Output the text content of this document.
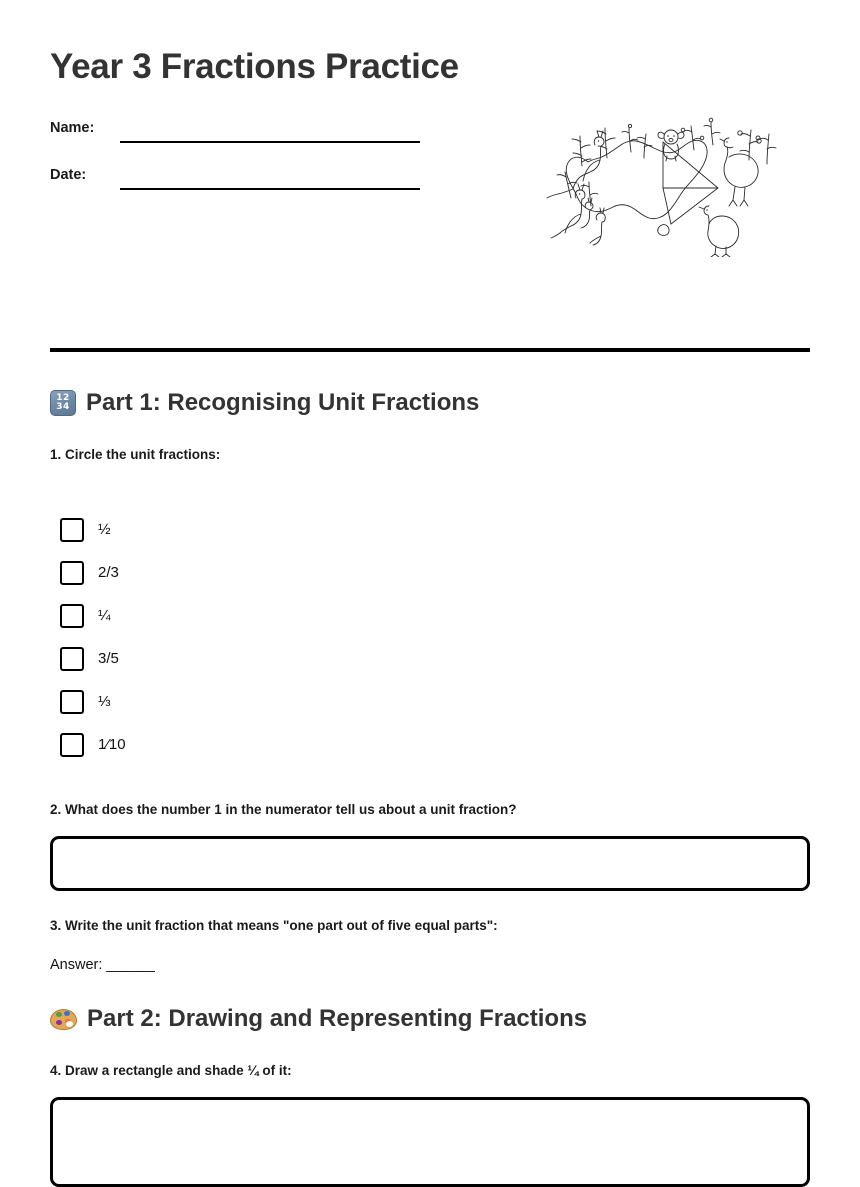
Year 3 Fractions Practice
Name:
Date:
12
34 Part 1: Recognising Unit Fractions
1. Circle the unit fractions:
½
2/3
¼
3/5
⅓
1⁄10
2. What does the number 1 in the numerator tell us about a unit fraction?
3. Write the unit fraction that means "one part out of five equal parts":
Answer: ______
Part 2: Drawing and Representing Fractions
4. Draw a rectangle and shade ¼ of it:
